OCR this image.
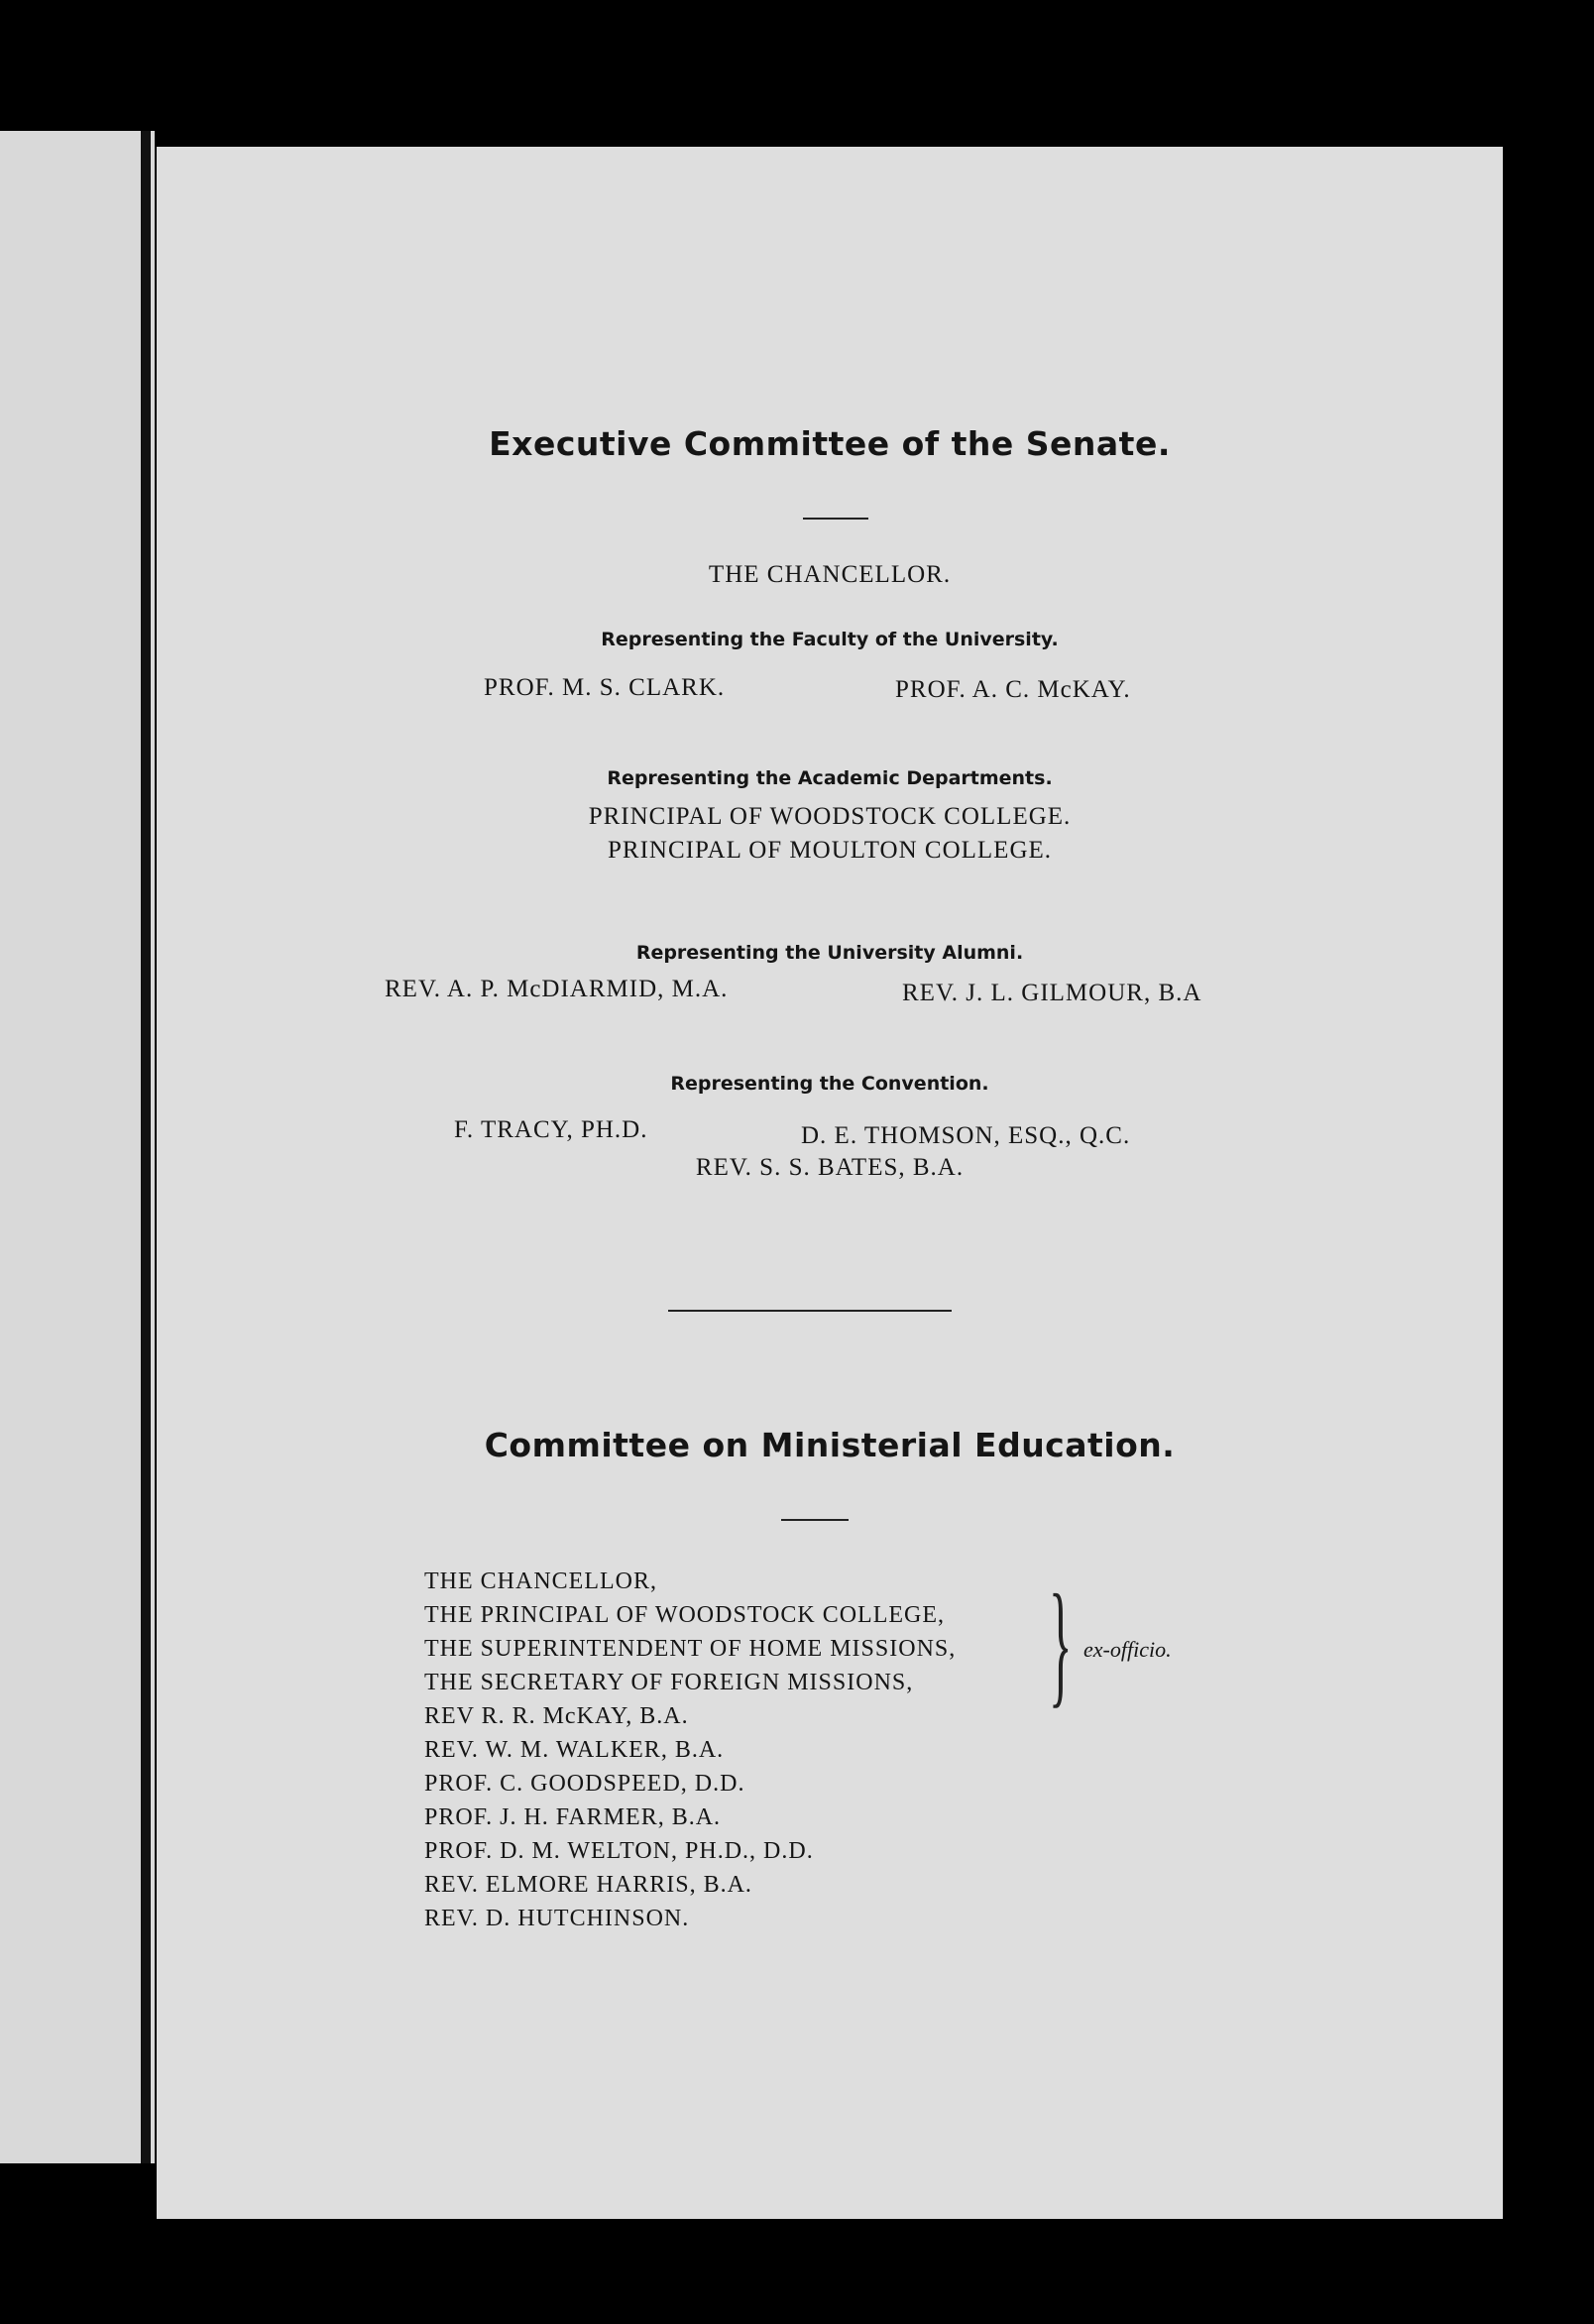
Executive Committee of the Senate.
THE CHANCELLOR.
Representing the Faculty of the University.
PROF. M. S. CLARK.	PROF. A. C. McKAY.
Representing the Academic Departments.
PRINCIPAL OF WOODSTOCK COLLEGE.
PRINCIPAL OF MOULTON COLLEGE.
Representing the University Alumni.
REV. A. P. McDIARMID, M.A.	REV. J. L. GILMOUR, B.A
Representing the Convention.
F. TRACY, PH.D.	D. E. THOMSON, ESQ., Q.C.
REV. S. S. BATES, B.A.
Committee on Ministerial Education.
THE CHANCELLOR,
THE PRINCIPAL OF WOODSTOCK COLLEGE,
THE SUPERINTENDENT OF HOME MISSIONS,
THE SECRETARY OF FOREIGN MISSIONS,
REV R. R. McKAY, B.A.
REV. W. M. WALKER, B.A.
PROF. C. GOODSPEED, D.D.
PROF. J. H. FARMER, B.A.
PROF. D. M. WELTON, PH.D., D.D.
REV. ELMORE HARRIS, B.A.
REV. D. HUTCHINSON.
} ex-officio.
